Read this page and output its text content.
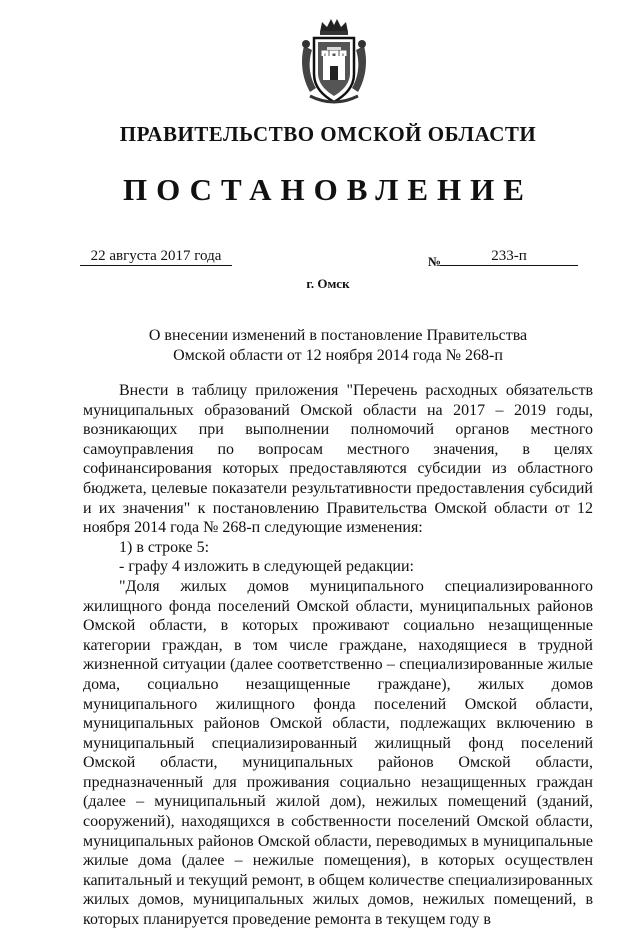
ПРАВИТЕЛЬСТВО ОМСКОЙ ОБЛАСТИ
ПОСТАНОВЛЕНИЕ
22 августа 2017 года	№	233-п
г. Омск
О внесении изменений в постановление Правительства
Омской области от 12 ноября 2014 года № 268-п

Внести в таблицу приложения "Перечень расходных обязательств муниципальных образований Омской области на 2017 – 2019 годы, возникающих при выполнении полномочий органов местного самоуправления по вопросам местного значения, в целях софинансирования которых предоставляются субсидии из областного бюджета, целевые показатели результативности предоставления субсидий и их значения" к постановлению Правительства Омской области от 12 ноября 2014 года № 268-п следующие изменения:

1) в строке 5:

- графу 4 изложить в следующей редакции:

"Доля жилых домов муниципального специализированного жилищного фонда поселений Омской области, муниципальных районов Омской области, в которых проживают социально незащищенные категории граждан, в том числе граждане, находящиеся в трудной жизненной ситуации (далее соответственно – специализированные жилые дома, социально незащищенные граждане), жилых домов муниципального жилищного фонда поселений Омской области, муниципальных районов Омской области, подлежащих включению в муниципальный специализированный жилищный фонд поселений Омской области, муниципальных районов Омской области, предназначенный для проживания социально незащищенных граждан (далее – муниципальный жилой дом), нежилых помещений (зданий, сооружений), находящихся в собственности поселений Омской области, муниципальных районов Омской области, переводимых в муниципальные жилые дома (далее – нежилые помещения), в которых осуществлен капитальный и текущий ремонт, в общем количестве специализированных жилых домов, муниципальных жилых домов, нежилых помещений, в которых планируется проведение ремонта в текущем году в
